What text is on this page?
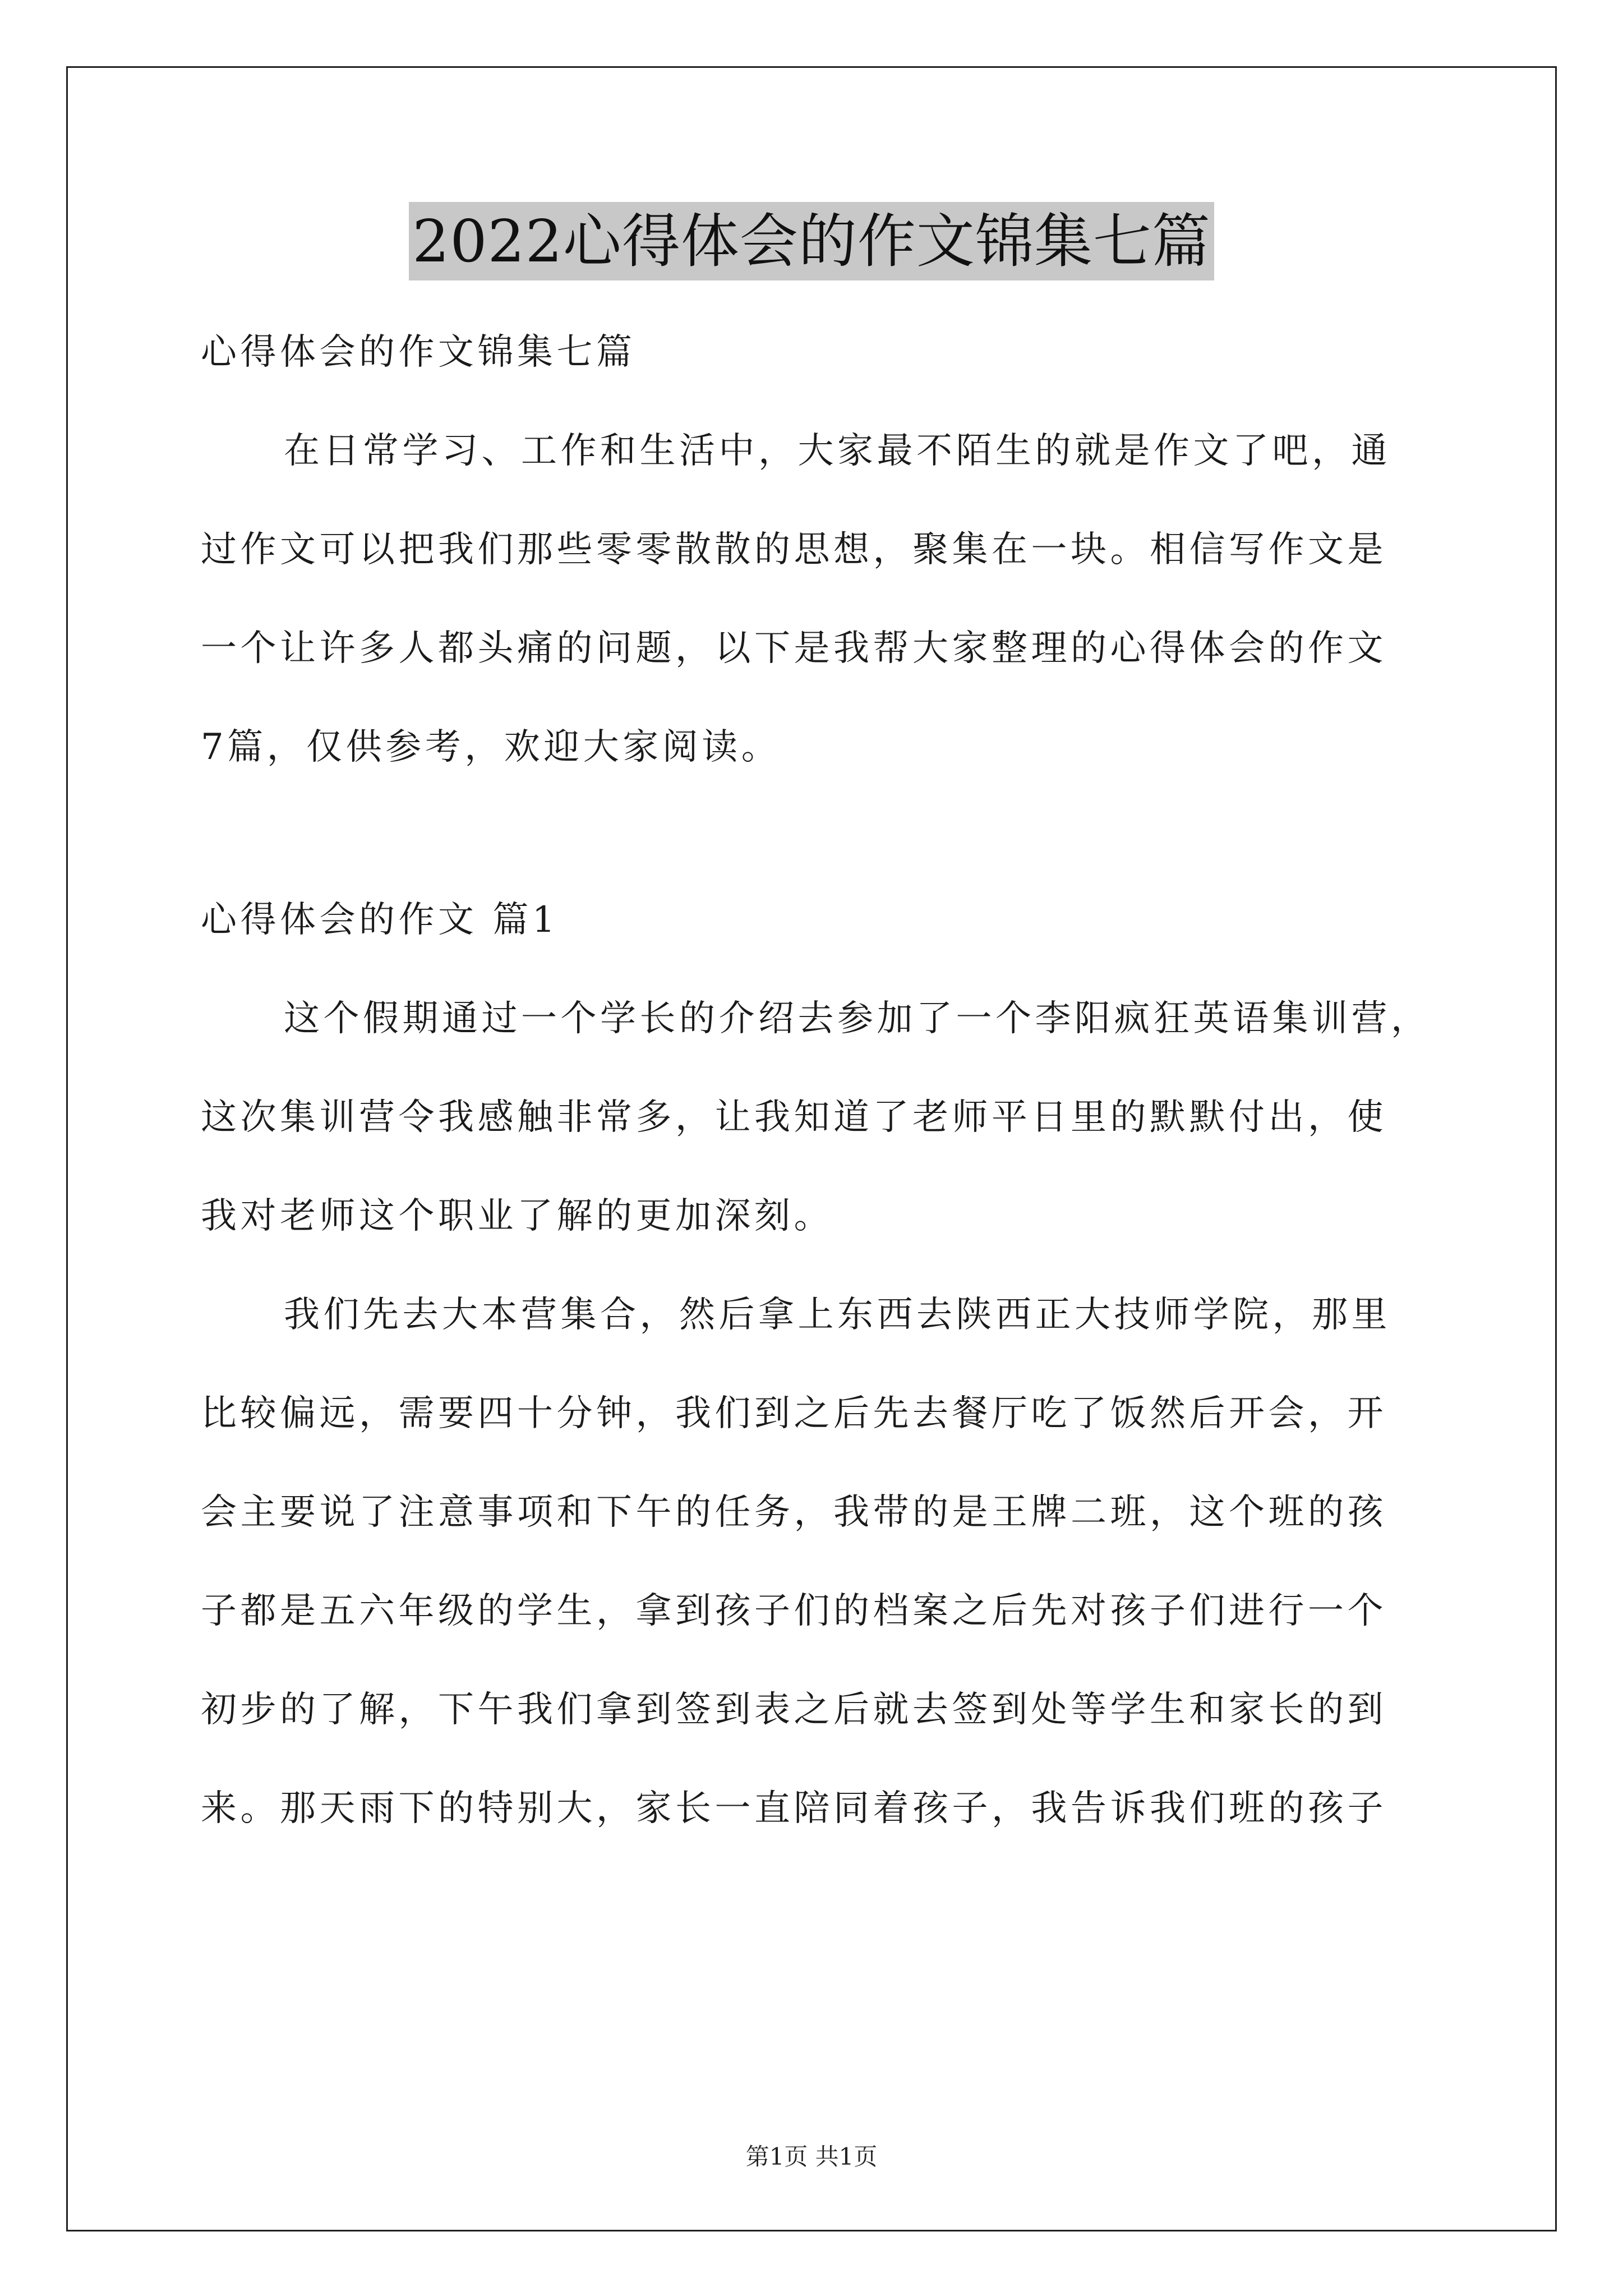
2022心得体会的作文锦集七篇
心得体会的作文锦集七篇
在日常学习、工作和生活中，大家最不陌生的就是作文了吧，通
过作文可以把我们那些零零散散的思想，聚集在一块。相信写作文是
一个让许多人都头痛的问题，以下是我帮大家整理的心得体会的作文
7篇，仅供参考，欢迎大家阅读。
心得体会的作文 篇1
这个假期通过一个学长的介绍去参加了一个李阳疯狂英语集训营，
这次集训营令我感触非常多，让我知道了老师平日里的默默付出，使
我对老师这个职业了解的更加深刻。
我们先去大本营集合，然后拿上东西去陕西正大技师学院，那里
比较偏远，需要四十分钟，我们到之后先去餐厅吃了饭然后开会，开
会主要说了注意事项和下午的任务，我带的是王牌二班，这个班的孩
子都是五六年级的学生，拿到孩子们的档案之后先对孩子们进行一个
初步的了解，下午我们拿到签到表之后就去签到处等学生和家长的到
来。那天雨下的特别大，家长一直陪同着孩子，我告诉我们班的孩子
第1页 共1页
